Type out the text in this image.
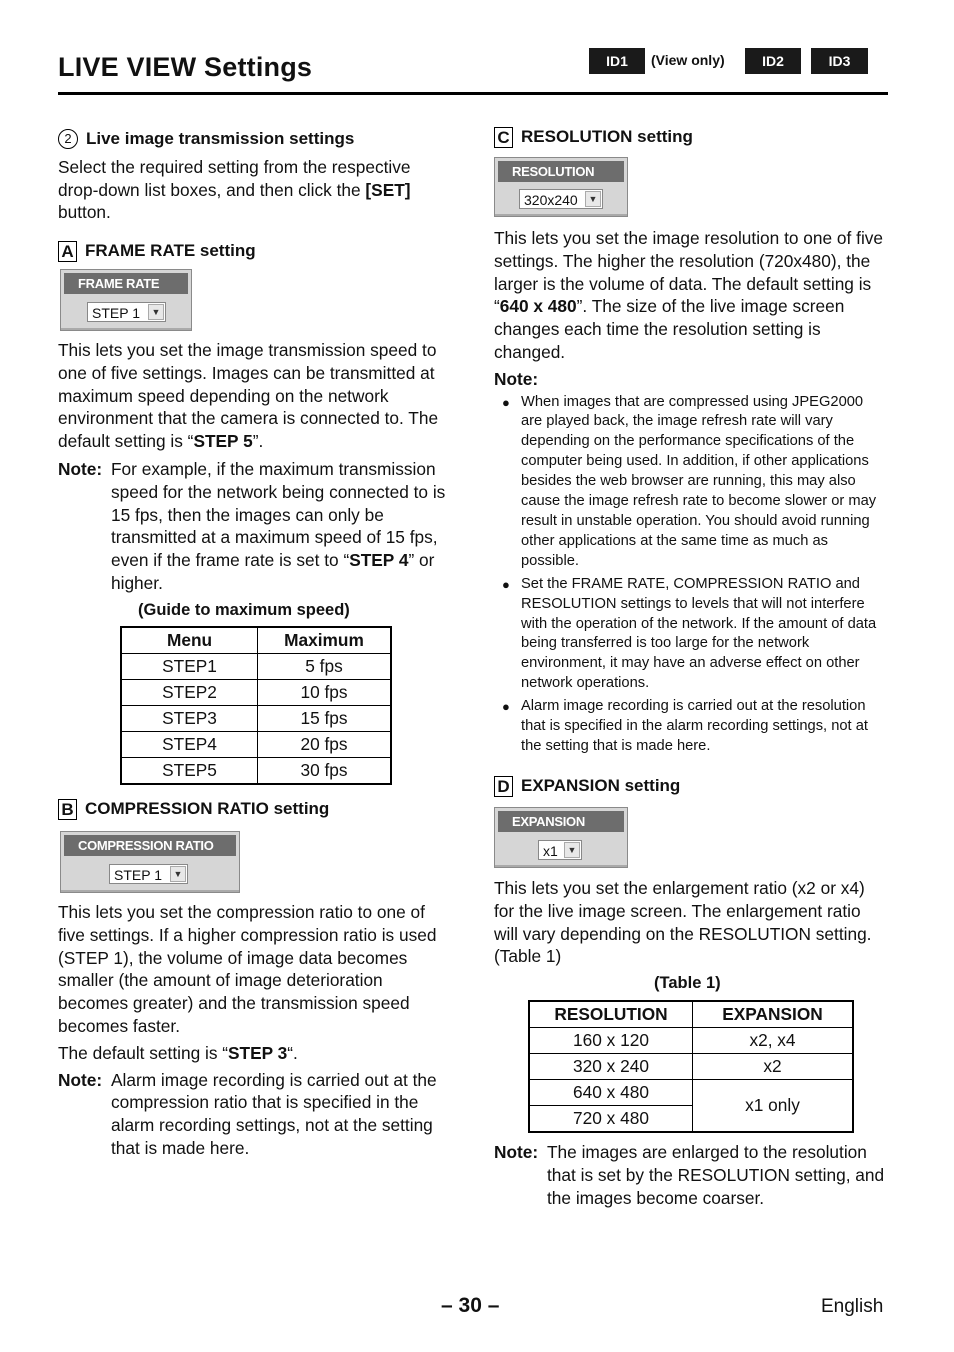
LIVE VIEW Settings	ID1	(View only)	ID2	ID3
2 Live image transmission settings

Select the required setting from the respective drop-down list boxes, and then click the [SET] button.

A FRAME RATE setting
FRAME RATE
STEP 1	▼

This lets you set the image transmission speed to one of five settings. Images can be transmitted at maximum speed depending on the network environment that the camera is connected to. The default setting is “STEP 5”.

Note: For example, if the maximum transmission speed for the network being connected to is 15 fps, then the images can only be transmitted at a maximum speed of 15 fps, even if the frame rate is set to “STEP 4” or higher.
(Guide to maximum speed)
Menu	Maximum
STEP1	5 fps
STEP2	10 fps
STEP3	15 fps
STEP4	20 fps
STEP5	30 fps
B COMPRESSION RATIO setting
COMPRESSION RATIO
STEP 1	▼

This lets you set the compression ratio to one of five settings. If a higher compression ratio is used (STEP 1), the volume of image data becomes smaller (the amount of image deterioration becomes greater) and the transmission speed becomes faster.

The default setting is “STEP 3“.

Note: Alarm image recording is carried out at the compression ratio that is specified in the alarm recording settings, not at the setting that is made here.
C RESOLUTION setting
RESOLUTION
320x240	▼

This lets you set the image resolution to one of five settings. The higher the resolution (720x480), the larger is the volume of data. The default setting is “640 x 480”. The size of the live image screen changes each time the resolution setting is changed.

Note:

● When images that are compressed using JPEG2000 are played back, the image refresh rate will vary depending on the performance specifications of the computer being used. In addition, if other applications besides the web browser are running, this may also cause the image refresh rate to become slower or may result in unstable operation. You should avoid running other applications at the same time as much as possible.
● Set the FRAME RATE, COMPRESSION RATIO and RESOLUTION settings to levels that will not interfere with the operation of the network. If the amount of data being transferred is too large for the network environment, it may have an adverse effect on other network operations.
● Alarm image recording is carried out at the resolution that is specified in the alarm recording settings, not at the setting that is made here.
D EXPANSION setting
EXPANSION
x1	▼

This lets you set the enlargement ratio (x2 or x4) for the live image screen. The enlargement ratio will vary depending on the RESOLUTION setting. (Table 1)

(Table 1)
RESOLUTION	EXPANSION
160 x 120	x2, x4
320 x 240	x2
640 x 480	x1 only
720 x 480	
Note: The images are enlarged to the resolution that is set by the RESOLUTION setting, and the images become coarser.
– 30 –	English
